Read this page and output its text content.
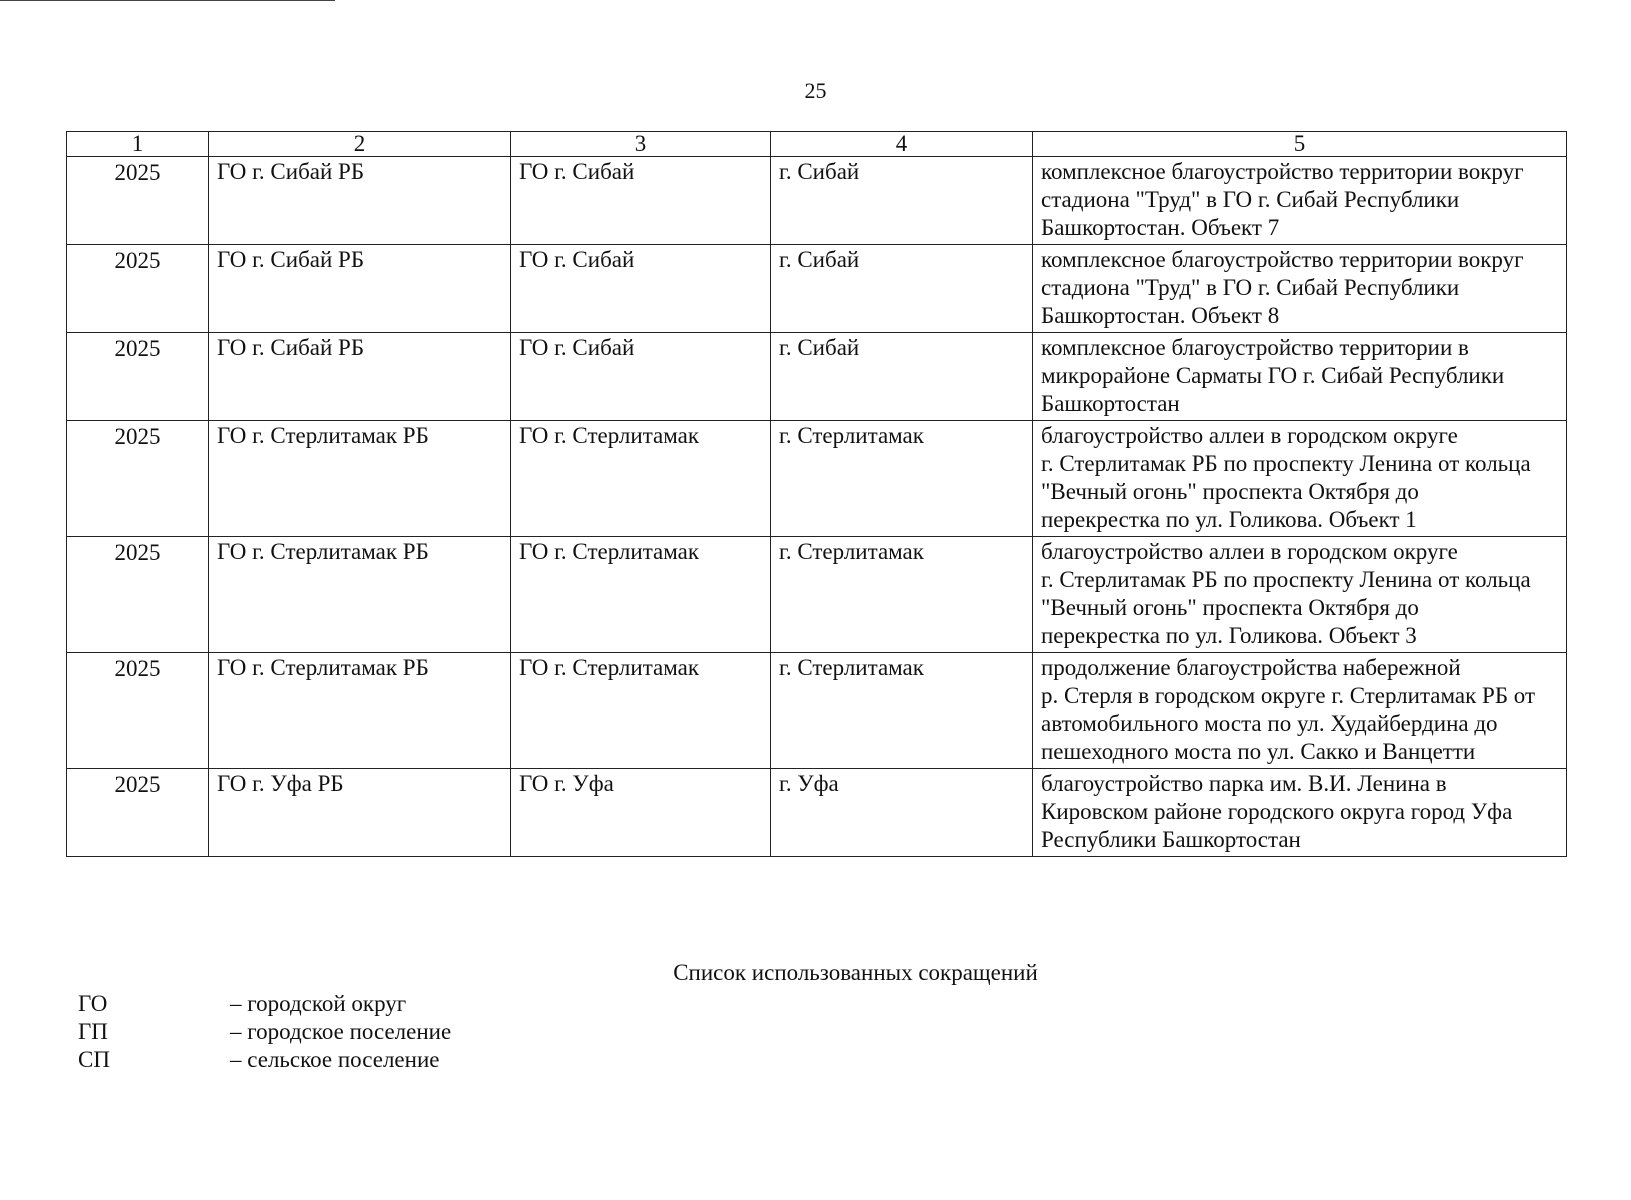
25
1	2	3	4	5
2025	ГО г. Сибай РБ	ГО г. Сибай	г. Сибай	комплексное благоустройство территории вокруг
стадиона "Труд" в ГО г. Сибай Республики
Башкортостан. Объект 7

2025	ГО г. Сибай РБ	ГО г. Сибай	г. Сибай	комплексное благоустройство территории вокруг
стадиона "Труд" в ГО г. Сибай Республики
Башкортостан. Объект 8

2025	ГО г. Сибай РБ	ГО г. Сибай	г. Сибай	комплексное благоустройство территории в
микрорайоне Сарматы ГО г. Сибай Республики
Башкортостан

2025	ГО г. Стерлитамак РБ	ГО г. Стерлитамак	г. Стерлитамак	благоустройство аллеи в городском округе
г. Стерлитамак РБ по проспекту Ленина от кольца
"Вечный огонь" проспекта Октября до
перекрестка по ул. Голикова. Объект 1

2025	ГО г. Стерлитамак РБ	ГО г. Стерлитамак	г. Стерлитамак	благоустройство аллеи в городском округе
г. Стерлитамак РБ по проспекту Ленина от кольца
"Вечный огонь" проспекта Октября до
перекрестка по ул. Голикова. Объект 3

2025	ГО г. Стерлитамак РБ	ГО г. Стерлитамак	г. Стерлитамак	продолжение благоустройства набережной
р. Стерля в городском округе г. Стерлитамак РБ от
автомобильного моста по ул. Худайбердина до
пешеходного моста по ул. Сакко и Ванцетти

2025	ГО г. Уфа РБ	ГО г. Уфа	г. Уфа	благоустройство парка им. В.И. Ленина в
Кировском районе городского округа город Уфа
Республики Башкортостан
Список использованных сокращений
ГО	– городской округ
ГП	– городское поселение
СП	– сельское поселение
